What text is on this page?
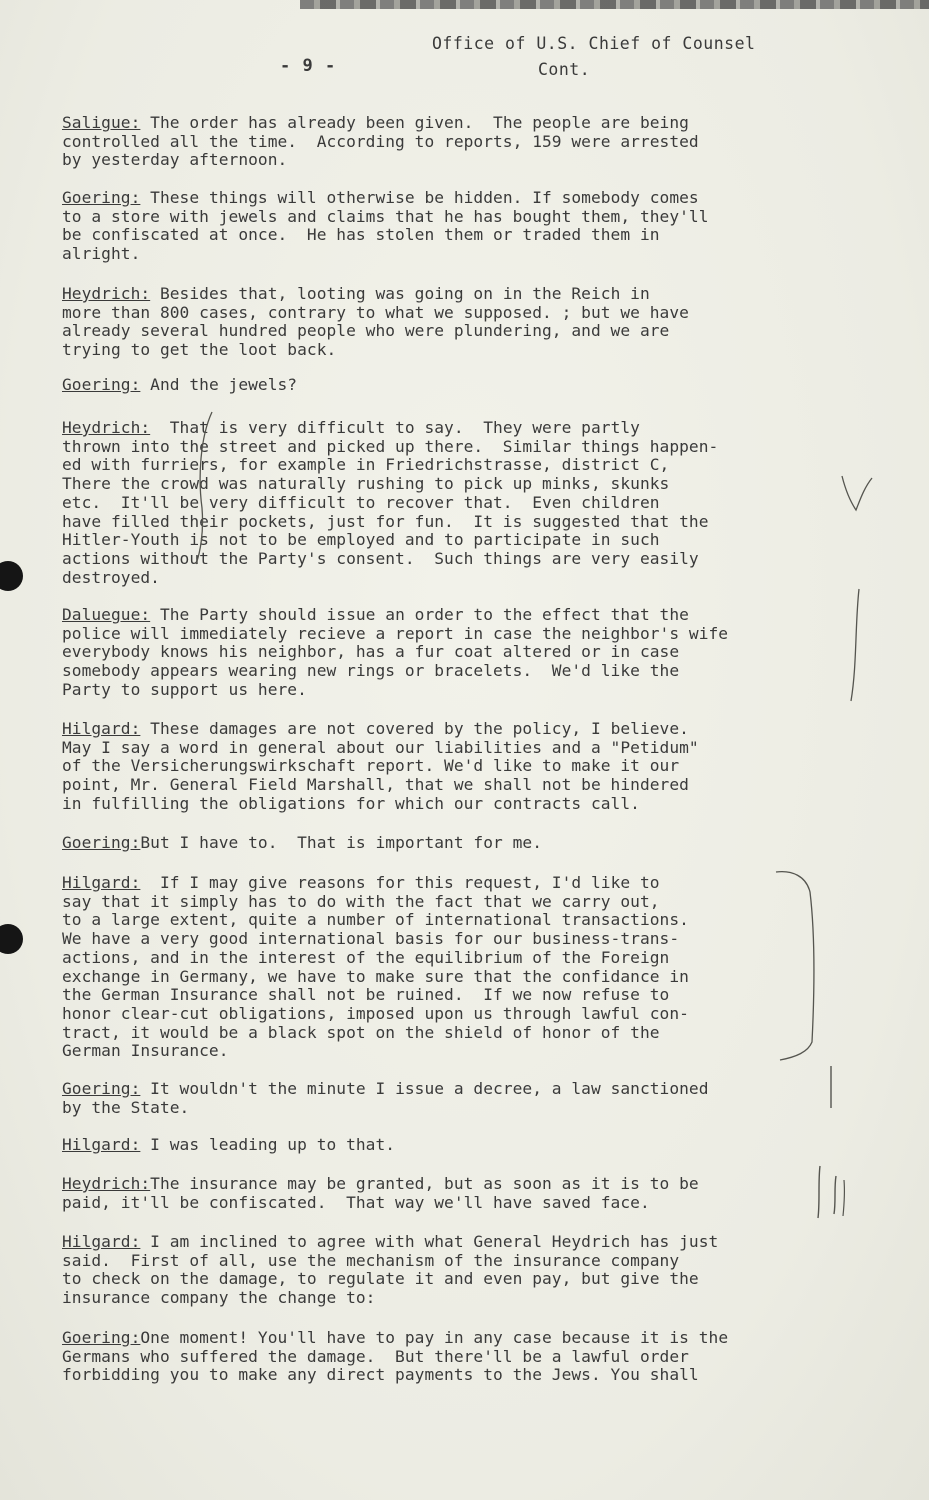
Office of U.S. Chief of Counsel
Cont.
- 9 -

Saligue: The order has already been given.  The people are being
controlled all the time.  According to reports, 159 were arrested
by yesterday afternoon.

Goering: These things will otherwise be hidden. If somebody comes
to a store with jewels and claims that he has bought them, they'll
be confiscated at once.  He has stolen them or traded them in
alright.

Heydrich: Besides that, looting was going on in the Reich in
more than 800 cases, contrary to what we supposed. ; but we have
already several hundred people who were plundering, and we are
trying to get the loot back.

Goering: And the jewels?

Heydrich:  That is very difficult to say.  They were partly
thrown into the street and picked up there.  Similar things happen-
ed with furriers, for example in Friedrichstrasse, district C,
There the crowd was naturally rushing to pick up minks, skunks
etc.  It'll be very difficult to recover that.  Even children
have filled their pockets, just for fun.  It is suggested that the
Hitler-Youth is not to be employed and to participate in such
actions without the Party's consent.  Such things are very easily
destroyed.

Daluegue: The Party should issue an order to the effect that the
police will immediately recieve a report in case the neighbor's wife
everybody knows his neighbor, has a fur coat altered or in case
somebody appears wearing new rings or bracelets.  We'd like the
Party to support us here.

Hilgard: These damages are not covered by the policy, I believe.
May I say a word in general about our liabilities and a "Petidum"
of the Versicherungswirkschaft report. We'd like to make it our
point, Mr. General Field Marshall, that we shall not be hindered
in fulfilling the obligations for which our contracts call.

Goering:But I have to.  That is important for me.

Hilgard:  If I may give reasons for this request, I'd like to
say that it simply has to do with the fact that we carry out,
to a large extent, quite a number of international transactions.
We have a very good international basis for our business-trans-
actions, and in the interest of the equilibrium of the Foreign
exchange in Germany, we have to make sure that the confidance in
the German Insurance shall not be ruined.  If we now refuse to
honor clear-cut obligations, imposed upon us through lawful con-
tract, it would be a black spot on the shield of honor of the
German Insurance.

Goering: It wouldn't the minute I issue a decree, a law sanctioned
by the State.

Hilgard: I was leading up to that.

Heydrich:The insurance may be granted, but as soon as it is to be
paid, it'll be confiscated.  That way we'll have saved face.

Hilgard: I am inclined to agree with what General Heydrich has just
said.  First of all, use the mechanism of the insurance company
to check on the damage, to regulate it and even pay, but give the
insurance company the change to:

Goering:One moment! You'll have to pay in any case because it is the
Germans who suffered the damage.  But there'll be a lawful order
forbidding you to make any direct payments to the Jews. You shall
